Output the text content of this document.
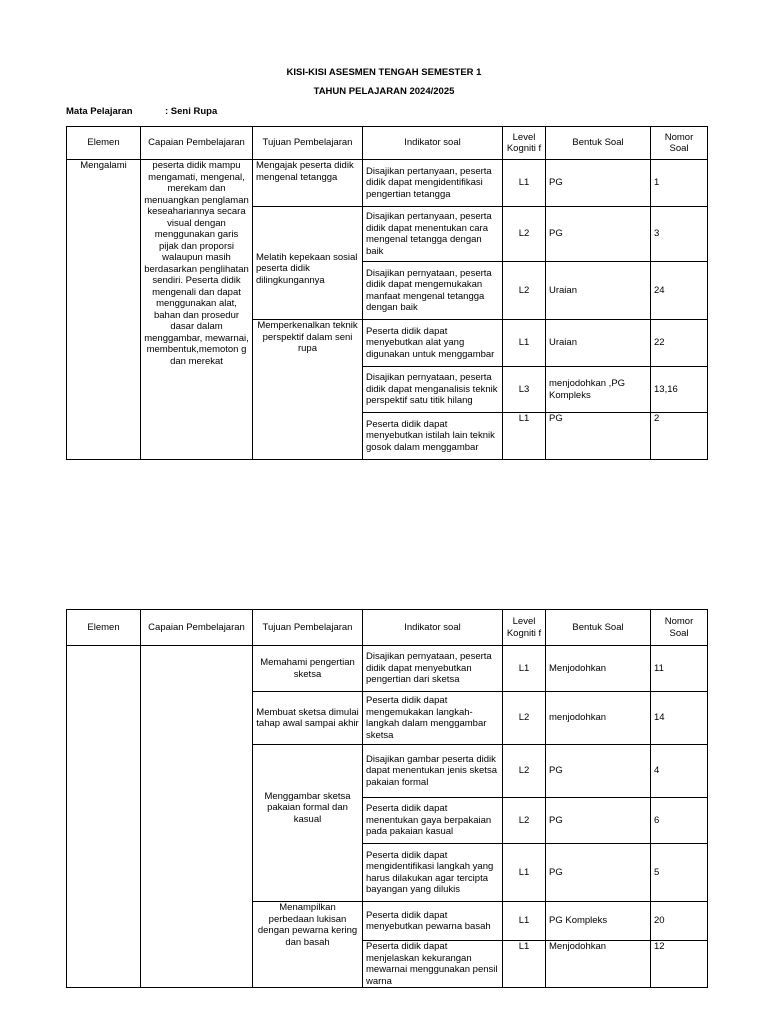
KISI-KISI ASESMEN TENGAH SEMESTER 1
TAHUN PELAJARAN 2024/2025
Mata Pelajaran	: Seni Rupa
Elemen	Capaian Pembelajaran	Tujuan Pembelajaran	Indikator soal	Level Kogniti f	Bentuk Soal	Nomor Soal
Mengalami	peserta didik mampu mengamati, mengenal, merekam dan menuangkan penglaman keseahariannyа secara visual dengan menggunakan garis pijak dan proporsi walaupun masih berdasarkan penglihatan sendiri. Peserta didik mengenali dan dapat menggunakan alat, bahan dan prosedur dasar dalam menggambar, mewarnai, membentuk,memoton g dan merekat	Mengajak peserta didik mengenal tetangga	Disajikan pertanyaan, peserta didik dapat mengidentifikasi pengertian tetangga	L1	PG	1
		Melatih kepekaan sosial peserta didik dilingkungannya	Disajikan pertanyaan, peserta didik dapat menentukan cara mengenal tetangga dengan baik	L2	PG	3
			Disajikan pernyataan, peserta didik dapat mengemukakan manfaat mengenal tetangga dengan baik	L2	Uraian	24
		Memperkenalkan teknik perspektif dalam seni rupa	Peserta didik dapat menyebutkan alat yang digunakan untuk menggambar	L1	Uraian	22
			Disajikan pernyataan, peserta didik dapat menganalisis teknik perspektif satu titik hilang	L3	menjodohkan ,PG Kompleks	13,16
			Peserta didik dapat menyebutkan istilah lain teknik gosok dalam menggambar	L1	PG	2
Elemen	Capaian Pembelajaran	Tujuan Pembelajaran	Indikator soal	Level Kogniti f	Bentuk Soal	Nomor Soal
		Memahami pengertian sketsa	Disajikan pernyataan, peserta didik dapat menyebutkan pengertian dari sketsa	L1	Menjodohkan	11
		Membuat sketsa dimulai tahap awal sampai akhir	Peserta didik dapat mengemukakan langkah-langkah dalam menggambar sketsa	L2	menjodohkan	14
		Menggambar sketsa pakaian formal dan kasual	Disajikan gambar peserta didik dapat menentukan jenis sketsa pakaian formal	L2	PG	4
			Peserta didik dapat menentukan gaya berpakaian pada pakaian kasual	L2	PG	6
			Peserta didik dapat mengidentifikasi langkah yang harus dilakukan agar tercipta bayangan yang dilukis	L1	PG	5
		Menampilkan perbedaan lukisan dengan pewarna kering dan basah	Peserta didik dapat menyebutkan pewarna basah	L1	PG Kompleks	20
			Peserta didik dapat menjelaskan kekurangan mewarnai menggunakan pensil warna	L1	Menjodohkan	12
